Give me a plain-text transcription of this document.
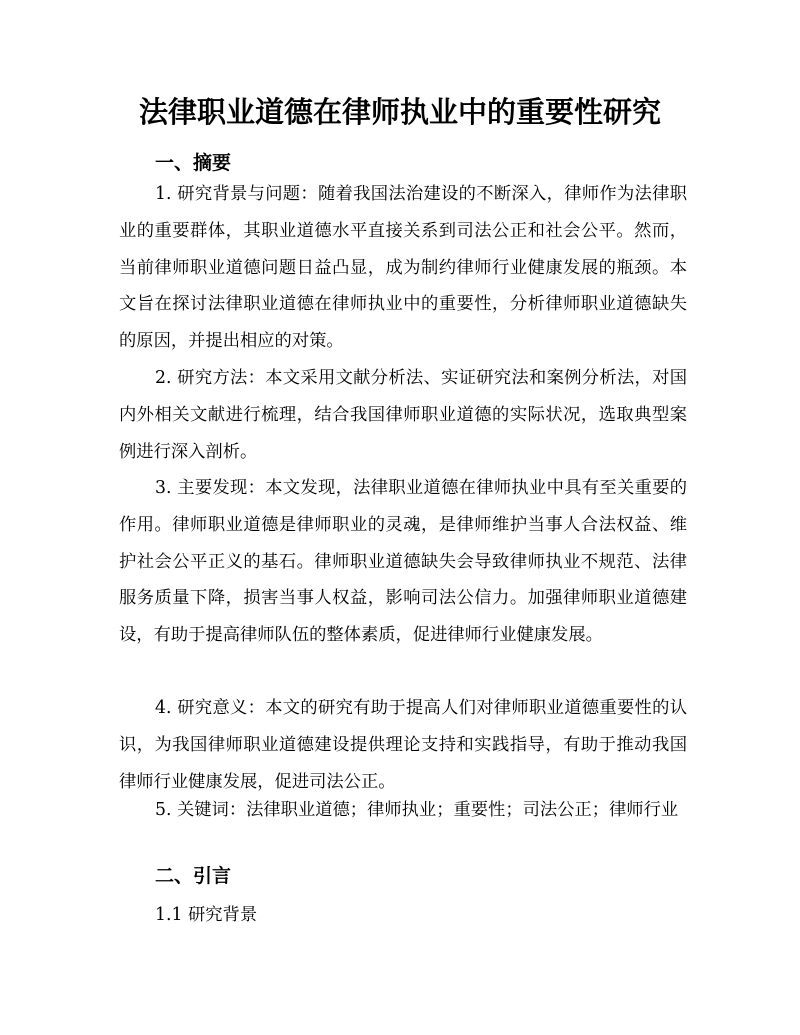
法律职业道德在律师执业中的重要性研究
一、摘要

1. 研究背景与问题：随着我国法治建设的不断深入，律师作为法律职业的重要群体，其职业道德水平直接关系到司法公正和社会公平。然而，当前律师职业道德问题日益凸显，成为制约律师行业健康发展的瓶颈。本文旨在探讨法律职业道德在律师执业中的重要性，分析律师职业道德缺失的原因，并提出相应的对策。

2. 研究方法：本文采用文献分析法、实证研究法和案例分析法，对国内外相关文献进行梳理，结合我国律师职业道德的实际状况，选取典型案例进行深入剖析。

3. 主要发现：本文发现，法律职业道德在律师执业中具有至关重要的作用。律师职业道德是律师职业的灵魂，是律师维护当事人合法权益、维护社会公平正义的基石。律师职业道德缺失会导致律师执业不规范、法律服务质量下降，损害当事人权益，影响司法公信力。加强律师职业道德建设，有助于提高律师队伍的整体素质，促进律师行业健康发展。

4. 研究意义：本文的研究有助于提高人们对律师职业道德重要性的认识，为我国律师职业道德建设提供理论支持和实践指导，有助于推动我国律师行业健康发展，促进司法公正。

5. 关键词：法律职业道德；律师执业；重要性；司法公正；律师行业

二、引言

1.1 研究背景
